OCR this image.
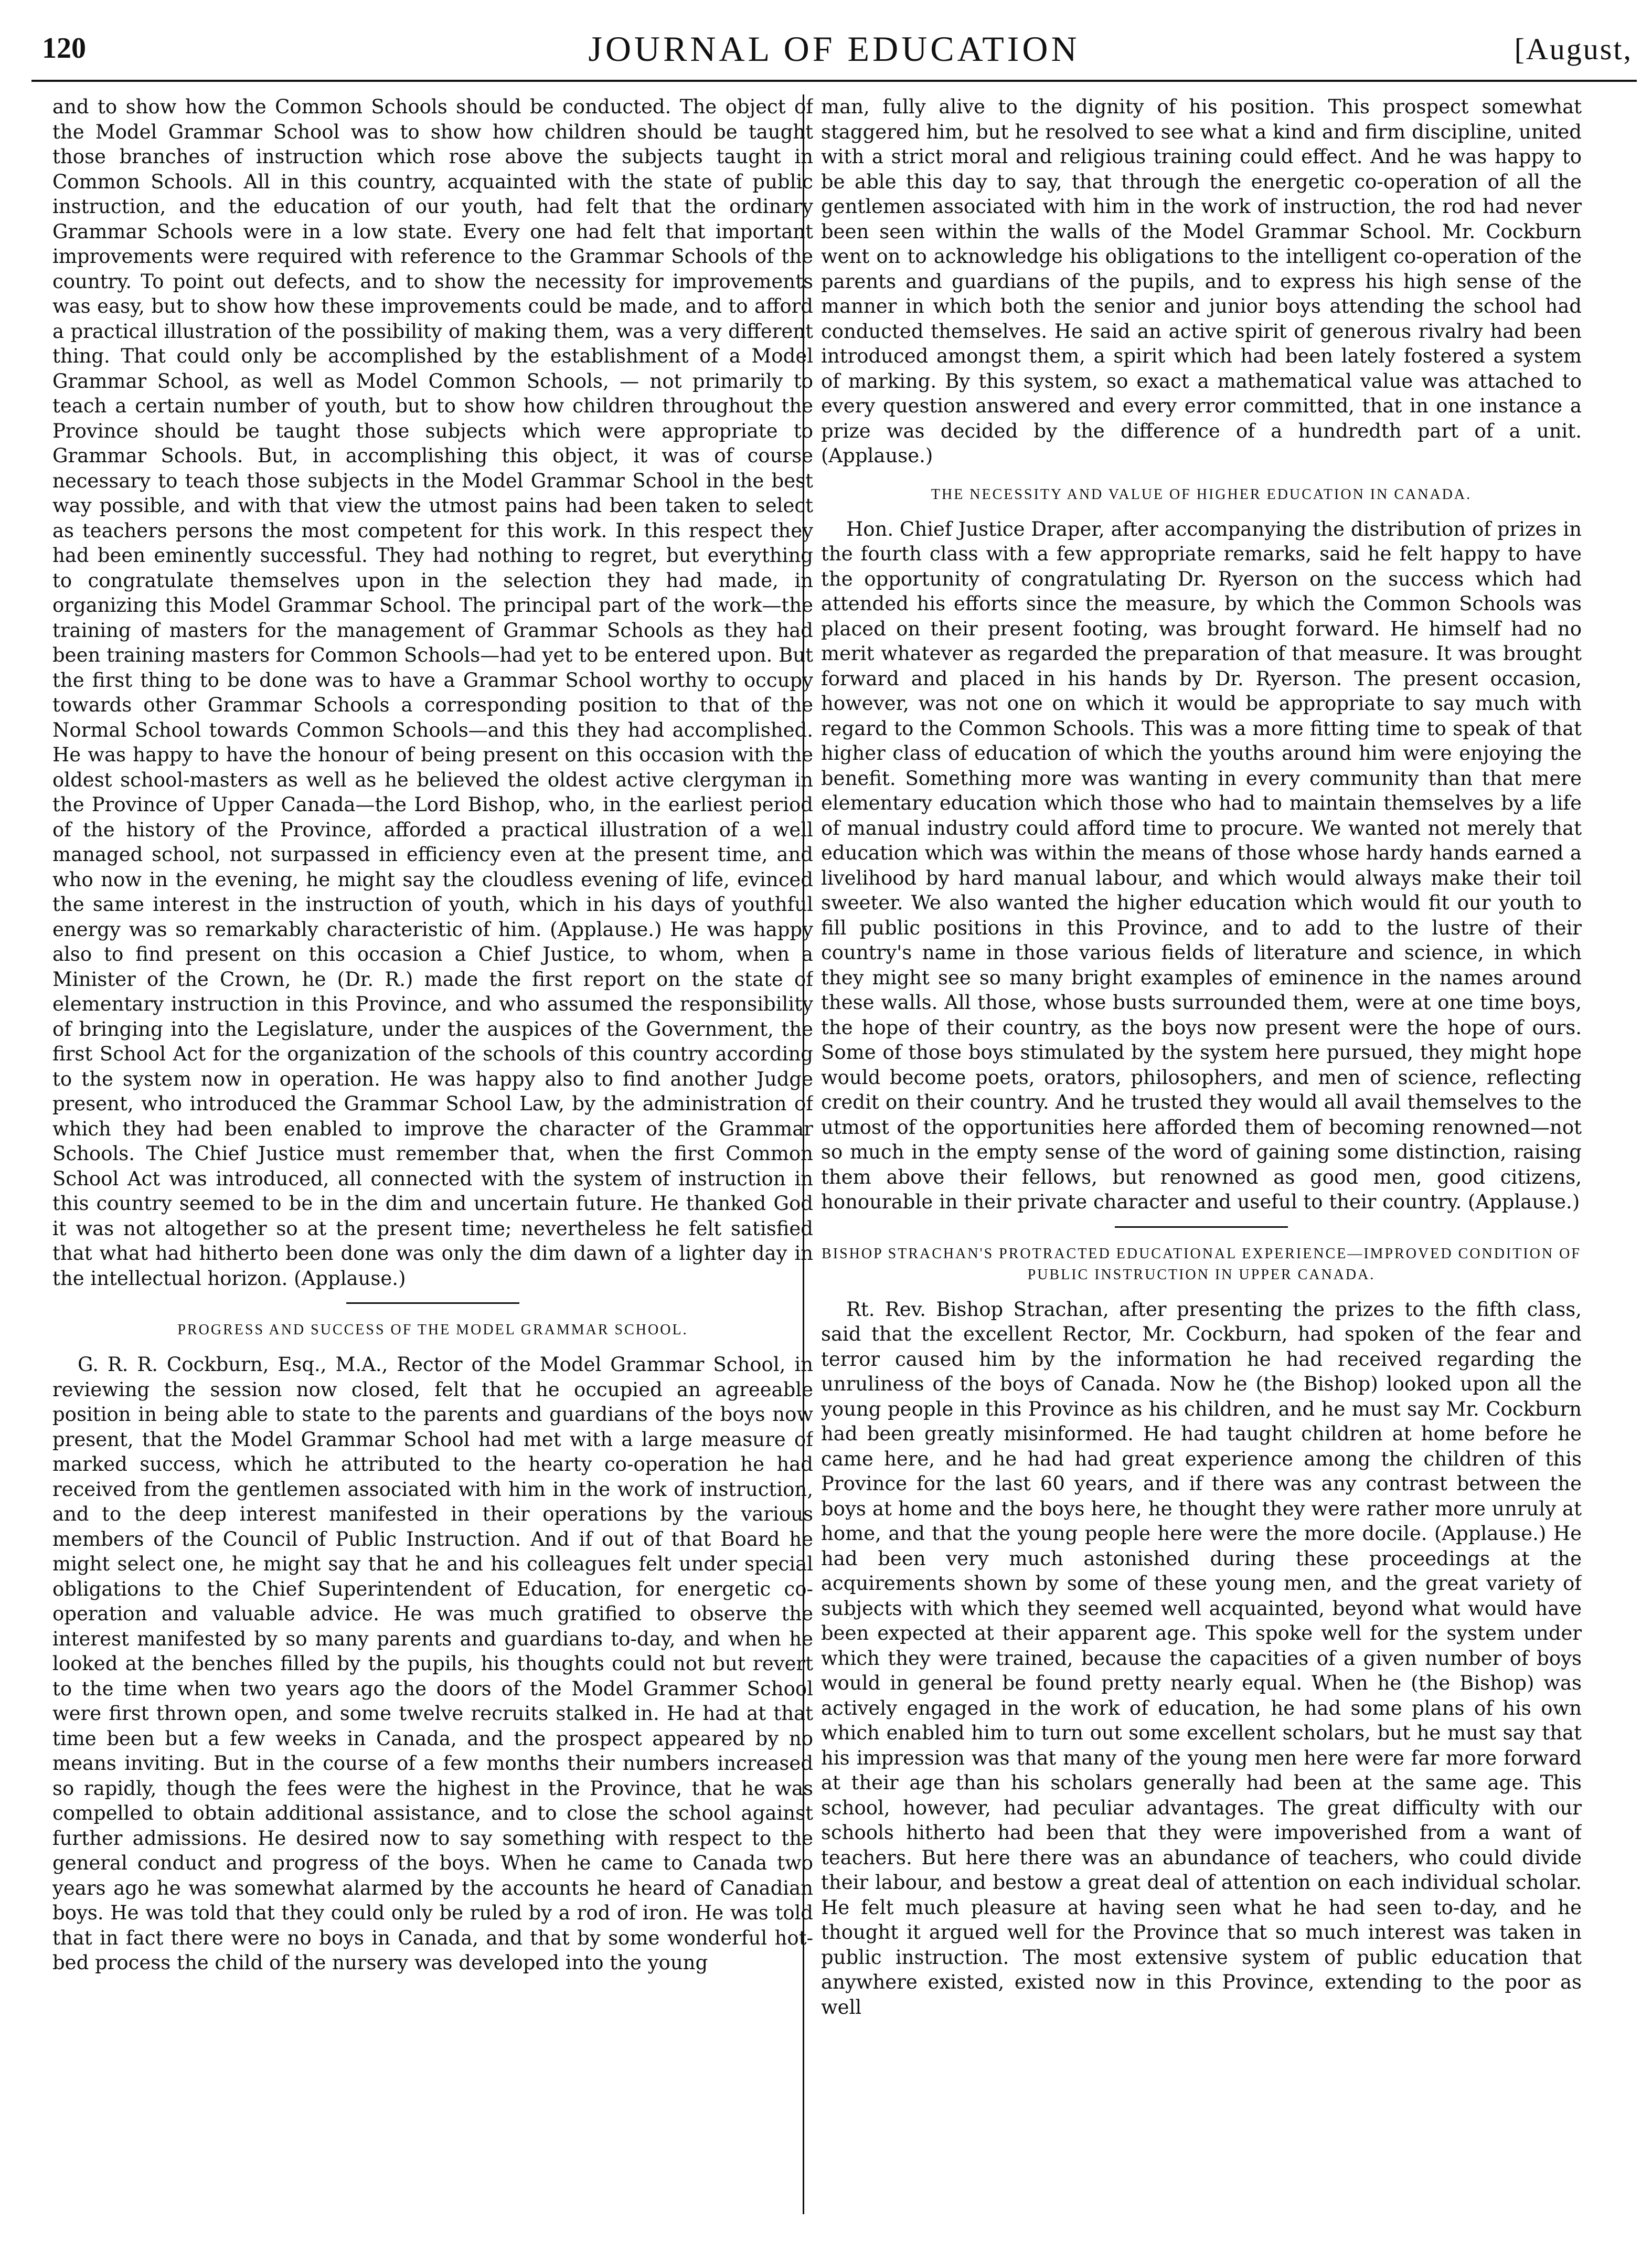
120	JOURNAL OF EDUCATION	[August,

and to show how the Common Schools should be conducted. The object of the Model Grammar School was to show how children should be taught those branches of instruction which rose above the subjects taught in Common Schools. All in this country, acquainted with the state of public instruction, and the education of our youth, had felt that the ordinary Grammar Schools were in a low state. Every one had felt that important improvements were required with reference to the Grammar Schools of the country. To point out defects, and to show the necessity for improvements was easy, but to show how these improvements could be made, and to afford a practical illustration of the possibility of making them, was a very different thing. That could only be accomplished by the establishment of a Model Grammar School, as well as Model Common Schools, — not primarily to teach a certain number of youth, but to show how children throughout the Province should be taught those subjects which were appropriate to Grammar Schools. But, in accomplishing this object, it was of course necessary to teach those subjects in the Model Grammar School in the best way possible, and with that view the utmost pains had been taken to select as teachers persons the most competent for this work. In this respect they had been eminently successful. They had nothing to regret, but everything to congratulate themselves upon in the selection they had made, in organizing this Model Grammar School. The principal part of the work—the training of masters for the management of Grammar Schools as they had been training masters for Common Schools—had yet to be entered upon. But the first thing to be done was to have a Grammar School worthy to occupy towards other Grammar Schools a corresponding position to that of the Normal School towards Common Schools—and this they had accomplished. He was happy to have the honour of being present on this occasion with the oldest school-masters as well as he believed the oldest active clergyman in the Province of Upper Canada—the Lord Bishop, who, in the earliest period of the history of the Province, afforded a practical illustration of a well managed school, not surpassed in efficiency even at the present time, and who now in the evening, he might say the cloudless evening of life, evinced the same interest in the instruction of youth, which in his days of youthful energy was so remarkably characteristic of him. (Applause.) He was happy also to find present on this occasion a Chief Justice, to whom, when a Minister of the Crown, he (Dr. R.) made the first report on the state of elementary instruction in this Province, and who assumed the responsibility of bringing into the Legislature, under the auspices of the Government, the first School Act for the organization of the schools of this country according to the system now in operation. He was happy also to find another Judge present, who introduced the Grammar School Law, by the administration of which they had been enabled to improve the character of the Grammar Schools. The Chief Justice must remember that, when the first Common School Act was introduced, all connected with the system of instruction in this country seemed to be in the dim and uncertain future. He thanked God it was not altogether so at the present time; nevertheless he felt satisfied that what had hitherto been done was only the dim dawn of a lighter day in the intellectual horizon. (Applause.)

PROGRESS AND SUCCESS OF THE MODEL GRAMMAR SCHOOL.

G. R. R. Cockburn, Esq., M.A., Rector of the Model Grammar School, in reviewing the session now closed, felt that he occupied an agreeable position in being able to state to the parents and guardians of the boys now present, that the Model Grammar School had met with a large measure of marked success, which he attributed to the hearty co-operation he had received from the gentlemen associated with him in the work of instruction, and to the deep interest manifested in their operations by the various members of the Council of Public Instruction. And if out of that Board he might select one, he might say that he and his colleagues felt under special obligations to the Chief Superintendent of Education, for energetic co-operation and valuable advice. He was much gratified to observe the interest manifested by so many parents and guardians to-day, and when he looked at the benches filled by the pupils, his thoughts could not but revert to the time when two years ago the doors of the Model Grammer School were first thrown open, and some twelve recruits stalked in. He had at that time been but a few weeks in Canada, and the prospect appeared by no means inviting. But in the course of a few months their numbers increased so rapidly, though the fees were the highest in the Province, that he was compelled to obtain additional assistance, and to close the school against further admissions. He desired now to say something with respect to the general conduct and progress of the boys. When he came to Canada two years ago he was somewhat alarmed by the accounts he heard of Canadian boys. He was told that they could only be ruled by a rod of iron. He was told that in fact there were no boys in Canada, and that by some wonderful hot-bed process the child of the nursery was developed into the young

man, fully alive to the dignity of his position. This prospect somewhat staggered him, but he resolved to see what a kind and firm discipline, united with a strict moral and religious training could effect. And he was happy to be able this day to say, that through the energetic co-operation of all the gentlemen associated with him in the work of instruction, the rod had never been seen within the walls of the Model Grammar School. Mr. Cockburn went on to acknowledge his obligations to the intelligent co-operation of the parents and guardians of the pupils, and to express his high sense of the manner in which both the senior and junior boys attending the school had conducted themselves. He said an active spirit of generous rivalry had been introduced amongst them, a spirit which had been lately fostered a system of marking. By this system, so exact a mathematical value was attached to every question answered and every error committed, that in one instance a prize was decided by the difference of a hundredth part of a unit. (Applause.)

THE NECESSITY AND VALUE OF HIGHER EDUCATION IN CANADA.

Hon. Chief Justice Draper, after accompanying the distribution of prizes in the fourth class with a few appropriate remarks, said he felt happy to have the opportunity of congratulating Dr. Ryerson on the success which had attended his efforts since the measure, by which the Common Schools was placed on their present footing, was brought forward. He himself had no merit whatever as regarded the preparation of that measure. It was brought forward and placed in his hands by Dr. Ryerson. The present occasion, however, was not one on which it would be appropriate to say much with regard to the Common Schools. This was a more fitting time to speak of that higher class of education of which the youths around him were enjoying the benefit. Something more was wanting in every community than that mere elementary education which those who had to maintain themselves by a life of manual industry could afford time to procure. We wanted not merely that education which was within the means of those whose hardy hands earned a livelihood by hard manual labour, and which would always make their toil sweeter. We also wanted the higher education which would fit our youth to fill public positions in this Province, and to add to the lustre of their country's name in those various fields of literature and science, in which they might see so many bright examples of eminence in the names around these walls. All those, whose busts surrounded them, were at one time boys, the hope of their country, as the boys now present were the hope of ours. Some of those boys stimulated by the system here pursued, they might hope would become poets, orators, philosophers, and men of science, reflecting credit on their country. And he trusted they would all avail themselves to the utmost of the opportunities here afforded them of becoming renowned—not so much in the empty sense of the word of gaining some distinction, raising them above their fellows, but renowned as good men, good citizens, honourable in their private character and useful to their country. (Applause.)

BISHOP STRACHAN'S PROTRACTED EDUCATIONAL EXPERIENCE—IMPROVED CONDITION OF PUBLIC INSTRUCTION IN UPPER CANADA.

Rt. Rev. Bishop Strachan, after presenting the prizes to the fifth class, said that the excellent Rector, Mr. Cockburn, had spoken of the fear and terror caused him by the information he had received regarding the unruliness of the boys of Canada. Now he (the Bishop) looked upon all the young people in this Province as his children, and he must say Mr. Cockburn had been greatly misinformed. He had taught children at home before he came here, and he had had great experience among the children of this Province for the last 60 years, and if there was any contrast between the boys at home and the boys here, he thought they were rather more unruly at home, and that the young people here were the more docile. (Applause.) He had been very much astonished during these proceedings at the acquirements shown by some of these young men, and the great variety of subjects with which they seemed well acquainted, beyond what would have been expected at their apparent age. This spoke well for the system under which they were trained, because the capacities of a given number of boys would in general be found pretty nearly equal. When he (the Bishop) was actively engaged in the work of education, he had some plans of his own which enabled him to turn out some excellent scholars, but he must say that his impression was that many of the young men here were far more forward at their age than his scholars generally had been at the same age. This school, however, had peculiar advantages. The great difficulty with our schools hitherto had been that they were impoverished from a want of teachers. But here there was an abundance of teachers, who could divide their labour, and bestow a great deal of attention on each individual scholar. He felt much pleasure at having seen what he had seen to-day, and he thought it argued well for the Province that so much interest was taken in public instruction. The most extensive system of public education that anywhere existed, existed now in this Province, extending to the poor as well
